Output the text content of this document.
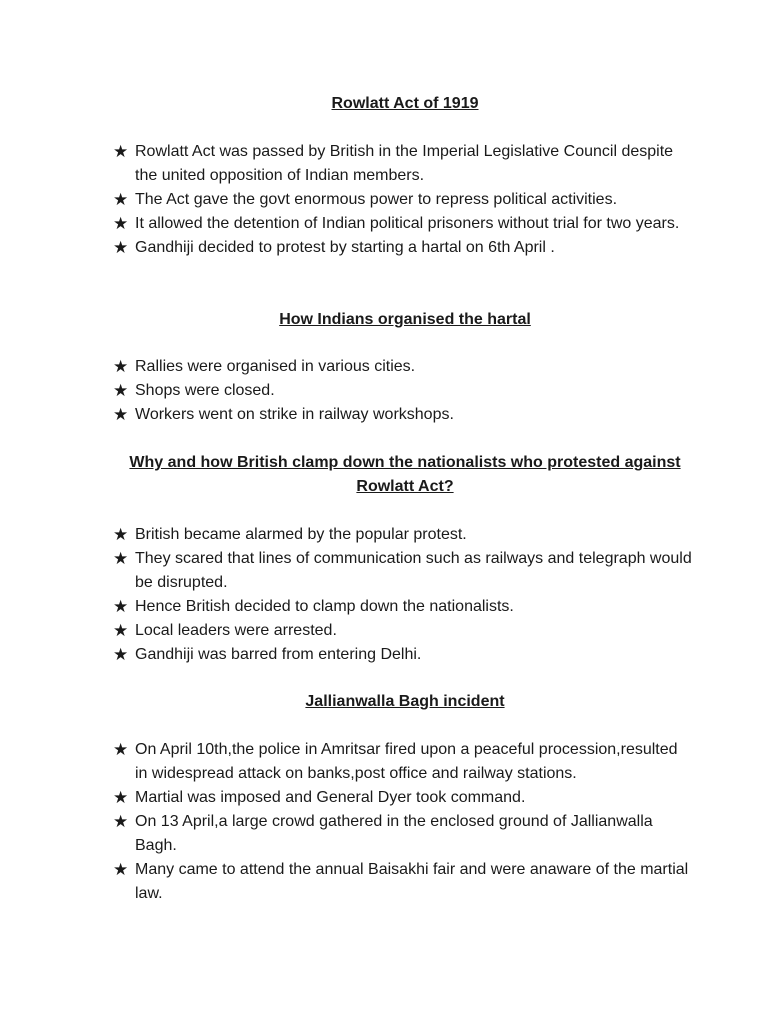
Rowlatt Act of 1919
★ Rowlatt Act was passed by British in the Imperial Legislative Council despite the united opposition of Indian members.
★ The Act gave the govt enormous power to repress political activities.
★ It allowed the detention of Indian political prisoners without trial for two years.
★ Gandhiji decided to protest by starting a hartal on 6th April .
How Indians organised the hartal
★ Rallies were organised in various cities.
★ Shops were closed.
★ Workers went on strike in railway workshops.
Why and how British clamp down the nationalists who protested against Rowlatt Act?
★ British became alarmed by the popular protest.
★ They scared that lines of communication such as railways and telegraph would be disrupted.
★ Hence British decided to clamp down the nationalists.
★ Local leaders were arrested.
★ Gandhiji was barred from entering Delhi.
Jallianwalla Bagh incident
★ On April 10th,the police in Amritsar fired upon a peaceful procession,resulted in widespread attack on banks,post office and railway stations.
★ Martial was imposed and General Dyer took command.
★ On 13 April,a large crowd gathered in the enclosed ground of Jallianwalla Bagh.
★ Many came to attend the annual Baisakhi fair and were anaware of the martial law.
